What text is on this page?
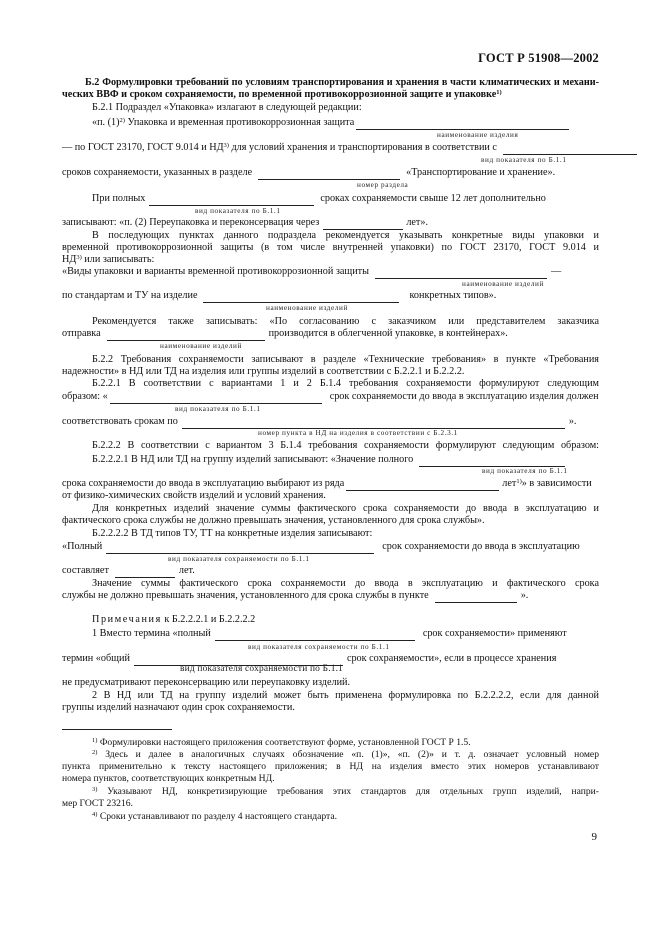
ГОСТ Р 51908—2002
Б.2 Формулировки требований по условиям транспортирования и хранения в части климатических и механи-
ческих ВВФ и сроком сохраняемости, по временной противокоррозионной защите и упаковке$^{1)}$
Б.2.1 Подраздел «Упаковка» излагают в следующей редакции:
«п. $(1)^{2)}$ Упаковка и временная противокоррозионная защита
наименование изделия
— по ГОСТ 23170, ГОСТ 9.014 и НД$^{3)}$ для условий хранения и транспортирования в соответствии с
вид показателя по Б.1.1
сроков сохраняемости, указанных в разделе	«Транспортирование и хранение».
номер раздела
При полных	сроках сохраняемости свыше 12 лет дополнительно
вид показателя по Б.1.1
записывают: «п. (2) Переупаковка и переконсервация через	лет».
В последующих пунктах данного подраздела рекомендуется указывать конкретные виды упаковки и
временной противокоррозионной защиты (в том числе внутренней упаковки) по ГОСТ 23170, ГОСТ 9.014 и
НД$^{3)}$ или записывать:
«Виды упаковки и варианты временной противокоррозионной защиты	—
наименование изделий
по стандартам и ТУ на изделие	конкретных типов».
наименование изделий
Рекомендуется также записывать: «По согласованию с заказчиком или представителем заказчика
отправка	производится в облегченной упаковке, в контейнерах».
наименование изделий
Б.2.2 Требования сохраняемости записывают в разделе «Технические требования» в пункте «Требования
надежности» в НД или ТД на изделия или группы изделий в соответствии с Б.2.2.1 и Б.2.2.2.
Б.2.2.1 В соответствии с вариантами 1 и 2 Б.1.4 требования сохраняемости формулируют следующим
образом: «	срок сохраняемости до ввода в эксплуатацию изделия должен
вид показателя по Б.1.1
соответствовать срокам по	».
номер пункта в НД на изделия в соответствии с Б.2.3.1
Б.2.2.2 В соответствии с вариантом 3 Б.1.4 требования сохраняемости формулируют следующим образом:
Б.2.2.2.1 В НД или ТД на группу изделий записывают: «Значение полного
вид показателя по Б.1.1
срока сохраняемости до ввода в эксплуатацию выбирают из ряда	лет$^{1)}$» в зависимости
от физико-химических свойств изделий и условий хранения.
Для конкретных изделий значение суммы фактического срока сохраняемости до ввода в эксплуатацию и
фактического срока службы не должно превышать значения, установленного для срока службы».
Б.2.2.2.2 В ТД типов ТУ, ТТ на конкретные изделия записывают:
«Полный	срок сохраняемости до ввода в эксплуатацию
вид показателя сохраняемости по Б.1.1
составляет	лет.
Значение суммы фактического срока сохраняемости до ввода в эксплуатацию и фактического срока
службы не должно превышать значения, установленного для срока службы в пункте	».
Примечания к Б.2.2.2.1 и Б.2.2.2.2
1 Вместо термина «полный	срок сохраняемости» применяют
вид показателя сохраняемости по Б.1.1
термин «общий	срок сохраняемости», если в процессе хранения
вид показателя сохраняемости по Б.1.1
не предусматривают переконсервацию или переупаковку изделий.
2 В НД или ТД на группу изделий может быть применена формулировка по Б.2.2.2.2, если для данной
группы изделий назначают один срок сохраняемости.
$^{1)}$ Формулировки настоящего приложения соответствуют форме, установленной ГОСТ Р 1.5.
$^{2)}$ Здесь и далее в аналогичных случаях обозначение «п. (1)», «п. (2)» и т. д. означает условный номер
пункта применительно к тексту настоящего приложения; в НД на изделия вместо этих номеров устанавливают
номера пунктов, соответствующих конкретным НД.
$^{3)}$ Указывают НД, конкретизирующие требования этих стандартов для отдельных групп изделий, напри-
мер ГОСТ 23216.
$^{4)}$ Сроки устанавливают по разделу 4 настоящего стандарта.
9
